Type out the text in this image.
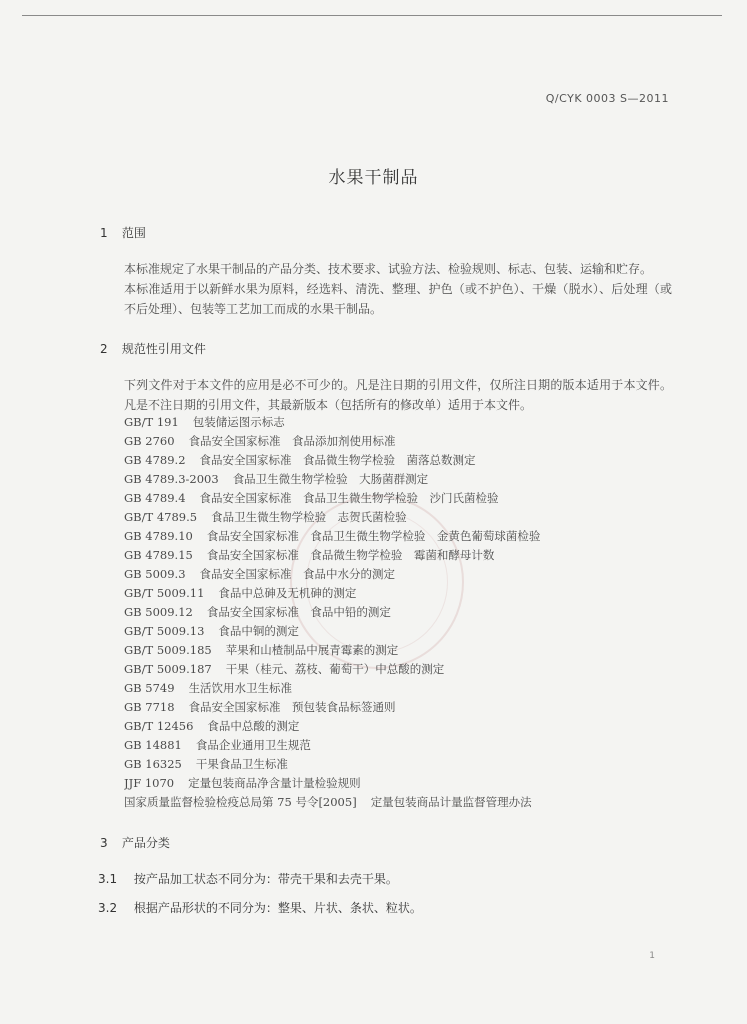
Q/CYK 0003 S—2011
水果干制品
1 范围
本标准规定了水果干制品的产品分类、技术要求、试验方法、检验规则、标志、包装、运输和贮存。
本标准适用于以新鲜水果为原料，经选料、清洗、整理、护色（或不护色）、干燥（脱水）、后处理（或不后处理）、包装等工艺加工而成的水果干制品。
2 规范性引用文件
下列文件对于本文件的应用是必不可少的。凡是注日期的引用文件，仅所注日期的版本适用于本文件。凡是不注日期的引用文件，其最新版本（包括所有的修改单）适用于本文件。
GB/T 191 包装储运图示标志
GB 2760 食品安全国家标准　食品添加剂使用标准
GB 4789.2 食品安全国家标准　食品微生物学检验　菌落总数测定
GB 4789.3-2003 食品卫生微生物学检验　大肠菌群测定
GB 4789.4 食品安全国家标准　食品卫生微生物学检验　沙门氏菌检验
GB/T 4789.5 食品卫生微生物学检验　志贺氏菌检验
GB 4789.10 食品安全国家标准　食品卫生微生物学检验　金黄色葡萄球菌检验
GB 4789.15 食品安全国家标准　食品微生物学检验　霉菌和酵母计数
GB 5009.3 食品安全国家标准　食品中水分的测定
GB/T 5009.11 食品中总砷及无机砷的测定
GB 5009.12 食品安全国家标准　食品中铅的测定
GB/T 5009.13 食品中铜的测定
GB/T 5009.185 苹果和山楂制品中展青霉素的测定
GB/T 5009.187 干果（桂元、荔枝、葡萄干）中总酸的测定
GB 5749 生活饮用水卫生标准
GB 7718 食品安全国家标准　预包装食品标签通则
GB/T 12456 食品中总酸的测定
GB 14881 食品企业通用卫生规范
GB 16325 干果食品卫生标准
JJF 1070 定量包装商品净含量计量检验规则
国家质量监督检验检疫总局第 75 号令[2005] 定量包装商品计量监督管理办法
3 产品分类
3.1 按产品加工状态不同分为：带壳干果和去壳干果。
3.2 根据产品形状的不同分为：整果、片状、条状、粒状。
1
